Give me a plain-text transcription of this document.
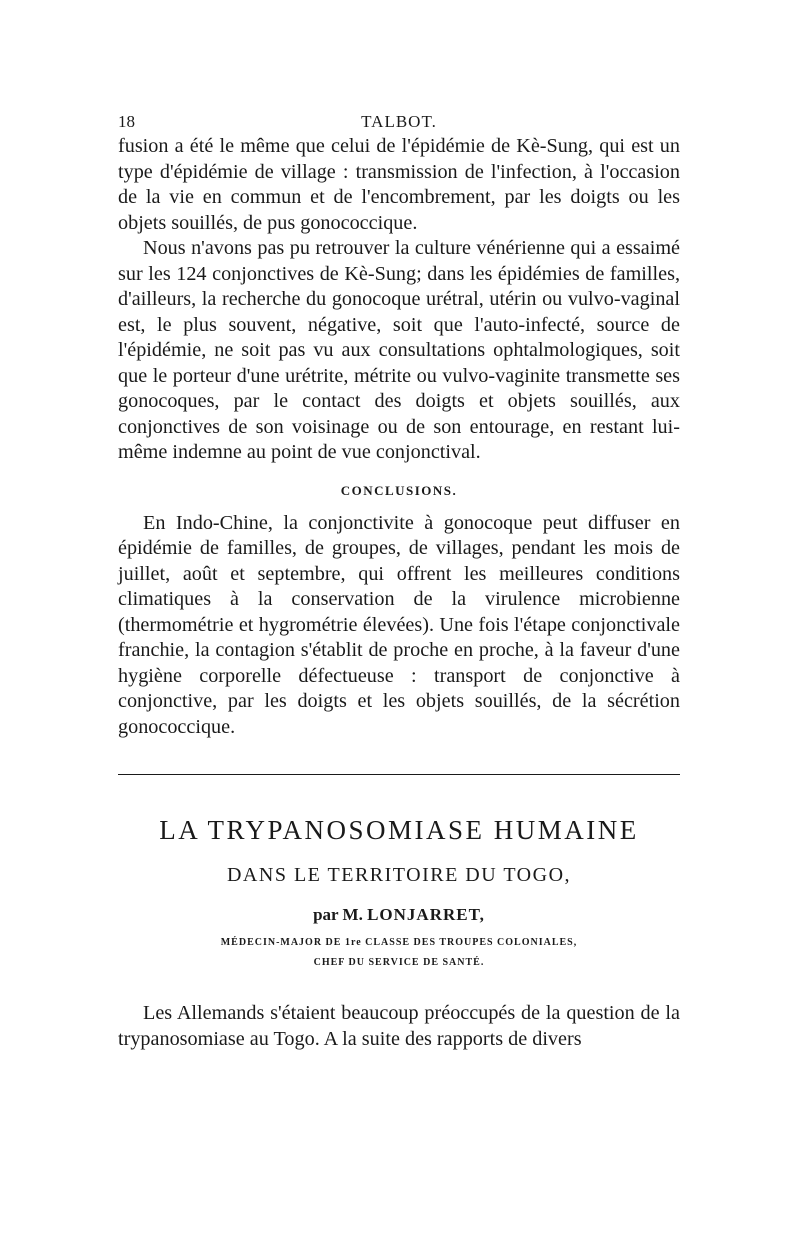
18	TALBOT.

fusion a été le même que celui de l'épidémie de Kè-Sung, qui est un type d'épidémie de village : transmission de l'infection, à l'occasion de la vie en commun et de l'encombrement, par les doigts ou les objets souillés, de pus gonococcique.

Nous n'avons pas pu retrouver la culture vénérienne qui a essaimé sur les 124 conjonctives de Kè-Sung; dans les épidémies de familles, d'ailleurs, la recherche du gonocoque urétral, utérin ou vulvo-vaginal est, le plus souvent, négative, soit que l'auto-infecté, source de l'épidémie, ne soit pas vu aux consultations ophtalmologiques, soit que le porteur d'une urétrite, métrite ou vulvo-vaginite transmette ses gonocoques, par le contact des doigts et objets souillés, aux conjonctives de son voisinage ou de son entourage, en restant lui-même indemne au point de vue conjonctival.

CONCLUSIONS.

En Indo-Chine, la conjonctivite à gonocoque peut diffuser en épidémie de familles, de groupes, de villages, pendant les mois de juillet, août et septembre, qui offrent les meilleures conditions climatiques à la conservation de la virulence microbienne (thermométrie et hygrométrie élevées). Une fois l'étape conjonctivale franchie, la contagion s'établit de proche en proche, à la faveur d'une hygiène corporelle défectueuse : transport de conjonctive à conjonctive, par les doigts et les objets souillés, de la sécrétion gonococcique.

LA TRYPANOSOMIASE HUMAINE
DANS LE TERRITOIRE DU TOGO,
par M. LONJARRET,
MÉDECIN-MAJOR DE 1re CLASSE DES TROUPES COLONIALES,
CHEF DU SERVICE DE SANTÉ.

Les Allemands s'étaient beaucoup préoccupés de la question de la trypanosomiase au Togo. A la suite des rapports de divers
